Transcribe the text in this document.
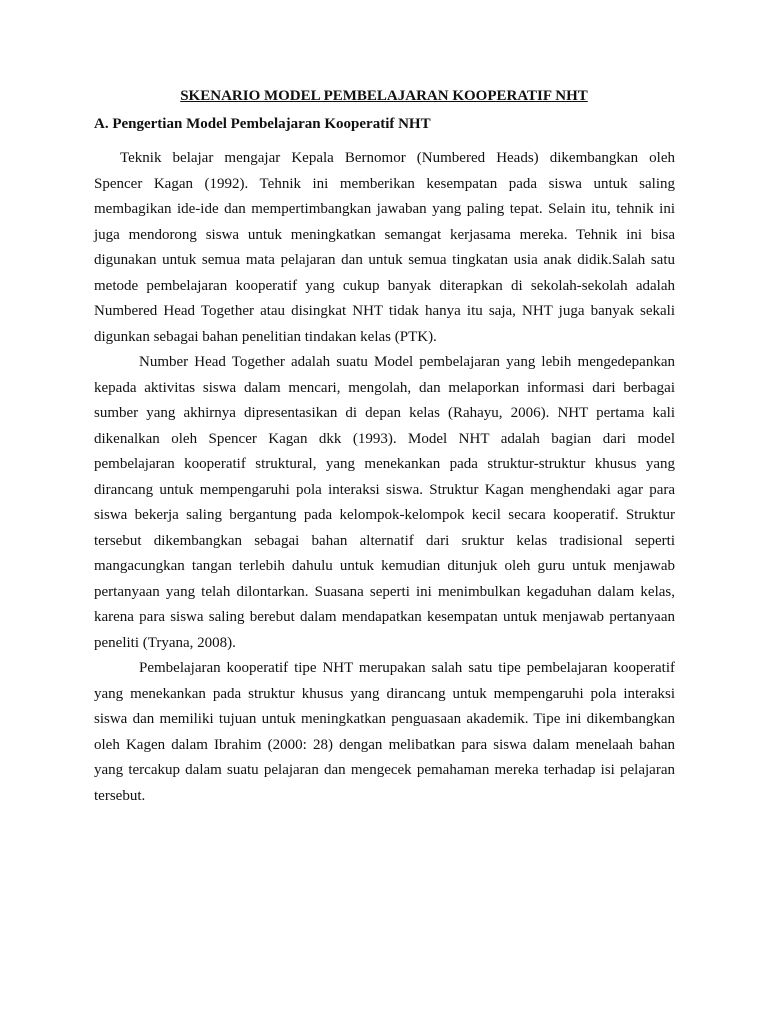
SKENARIO MODEL PEMBELAJARAN KOOPERATIF NHT
A. Pengertian Model Pembelajaran Kooperatif NHT
Teknik belajar mengajar Kepala Bernomor (Numbered Heads) dikembangkan oleh
Spencer Kagan (1992). Tehnik ini memberikan kesempatan pada siswa untuk saling
membagikan ide-ide dan mempertimbangkan jawaban yang paling tepat. Selain itu, tehnik ini
juga mendorong siswa untuk meningkatkan semangat kerjasama mereka. Tehnik ini bisa
digunakan untuk semua mata pelajaran dan untuk semua tingkatan usia anak didik.Salah satu
metode pembelajaran kooperatif yang cukup banyak diterapkan di sekolah-sekolah adalah
Numbered Head Together atau disingkat NHT tidak hanya itu saja, NHT juga banyak sekali
digunkan sebagai bahan penelitian tindakan kelas (PTK).
Number Head Together adalah suatu Model pembelajaran yang lebih mengedepankan
kepada aktivitas siswa dalam mencari, mengolah, dan melaporkan informasi dari berbagai
sumber yang akhirnya dipresentasikan di depan kelas (Rahayu, 2006). NHT pertama kali
dikenalkan oleh Spencer Kagan dkk (1993). Model NHT adalah bagian dari model
pembelajaran kooperatif struktural, yang menekankan pada struktur-struktur khusus yang
dirancang untuk mempengaruhi pola interaksi siswa. Struktur Kagan menghendaki agar para
siswa bekerja saling bergantung pada kelompok-kelompok kecil secara kooperatif. Struktur
tersebut dikembangkan sebagai bahan alternatif dari sruktur kelas tradisional seperti
mangacungkan tangan terlebih dahulu untuk kemudian ditunjuk oleh guru untuk menjawab
pertanyaan yang telah dilontarkan. Suasana seperti ini menimbulkan kegaduhan dalam kelas,
karena para siswa saling berebut dalam mendapatkan kesempatan untuk menjawab pertanyaan
peneliti (Tryana, 2008).
Pembelajaran kooperatif tipe NHT merupakan salah satu tipe pembelajaran kooperatif
yang menekankan pada struktur khusus yang dirancang untuk mempengaruhi pola interaksi
siswa dan memiliki tujuan untuk meningkatkan penguasaan akademik. Tipe ini dikembangkan
oleh Kagen dalam Ibrahim (2000: 28) dengan melibatkan para siswa dalam menelaah bahan
yang tercakup dalam suatu pelajaran dan mengecek pemahaman mereka terhadap isi pelajaran
tersebut.
